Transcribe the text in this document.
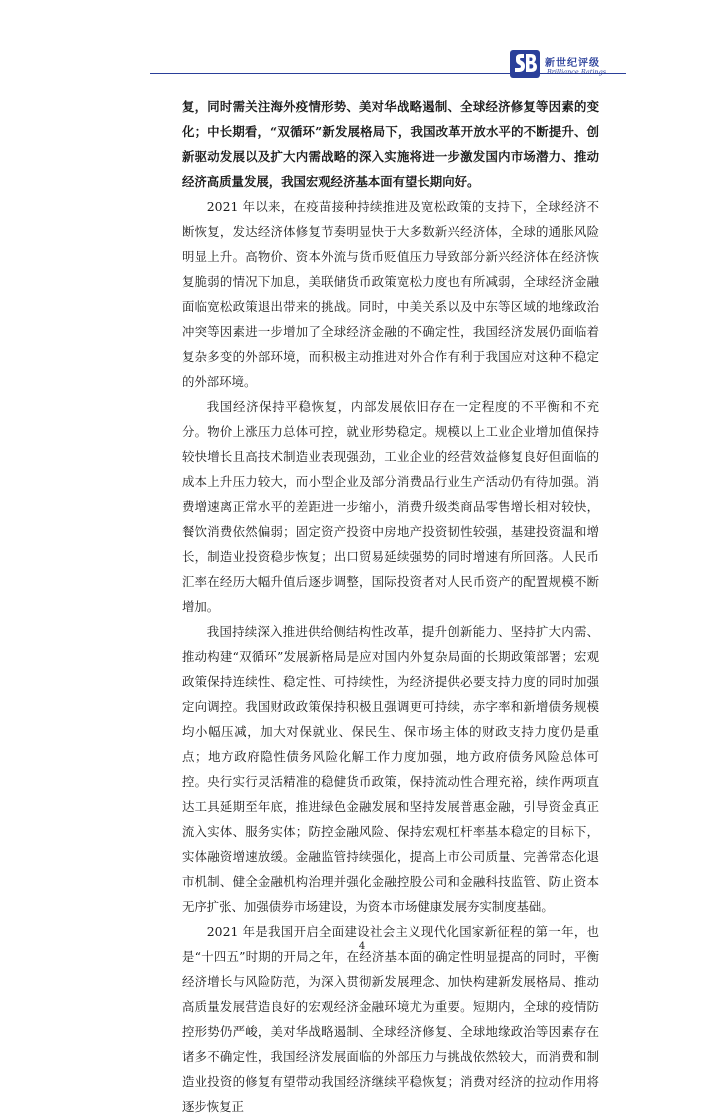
新世纪评级
Brilliance Ratings

复，同时需关注海外疫情形势、美对华战略遏制、全球经济修复等因素的变化；中长期看，“双循环”新发展格局下，我国改革开放水平的不断提升、创新驱动发展以及扩大内需战略的深入实施将进一步激发国内市场潜力、推动经济高质量发展，我国宏观经济基本面有望长期向好。

2021 年以来，在疫苗接种持续推进及宽松政策的支持下，全球经济不断恢复，发达经济体修复节奏明显快于大多数新兴经济体，全球的通胀风险明显上升。高物价、资本外流与货币贬值压力导致部分新兴经济体在经济恢复脆弱的情况下加息，美联储货币政策宽松力度也有所减弱，全球经济金融面临宽松政策退出带来的挑战。同时，中美关系以及中东等区域的地缘政治冲突等因素进一步增加了全球经济金融的不确定性，我国经济发展仍面临着复杂多变的外部环境，而积极主动推进对外合作有利于我国应对这种不稳定的外部环境。

我国经济保持平稳恢复，内部发展依旧存在一定程度的不平衡和不充分。物价上涨压力总体可控，就业形势稳定。规模以上工业企业增加值保持较快增长且高技术制造业表现强劲，工业企业的经营效益修复良好但面临的成本上升压力较大，而小型企业及部分消费品行业生产活动仍有待加强。消费增速离正常水平的差距进一步缩小，消费升级类商品零售增长相对较快，餐饮消费依然偏弱；固定资产投资中房地产投资韧性较强，基建投资温和增长，制造业投资稳步恢复；出口贸易延续强势的同时增速有所回落。人民币汇率在经历大幅升值后逐步调整，国际投资者对人民币资产的配置规模不断增加。

我国持续深入推进供给侧结构性改革，提升创新能力、坚持扩大内需、推动构建“双循环”发展新格局是应对国内外复杂局面的长期政策部署；宏观政策保持连续性、稳定性、可持续性，为经济提供必要支持力度的同时加强定向调控。我国财政政策保持积极且强调更可持续，赤字率和新增债务规模均小幅压减，加大对保就业、保民生、保市场主体的财政支持力度仍是重点；地方政府隐性债务风险化解工作力度加强，地方政府债务风险总体可控。央行实行灵活精准的稳健货币政策，保持流动性合理充裕，续作两项直达工具延期至年底，推进绿色金融发展和坚持发展普惠金融，引导资金真正流入实体、服务实体；防控金融风险、保持宏观杠杆率基本稳定的目标下，实体融资增速放缓。金融监管持续强化，提高上市公司质量、完善常态化退市机制、健全金融机构治理并强化金融控股公司和金融科技监管、防止资本无序扩张、加强债券市场建设，为资本市场健康发展夯实制度基础。

2021 年是我国开启全面建设社会主义现代化国家新征程的第一年，也是“十四五”时期的开局之年，在经济基本面的确定性明显提高的同时，平衡经济增长与风险防范，为深入贯彻新发展理念、加快构建新发展格局、推动高质量发展营造良好的宏观经济金融环境尤为重要。短期内，全球的疫情防控形势仍严峻，美对华战略遏制、全球经济修复、全球地缘政治等因素存在诸多不确定性，我国经济发展面临的外部压力与挑战依然较大，而消费和制造业投资的修复有望带动我国经济继续平稳恢复；消费对经济的拉动作用将逐步恢复正

4
